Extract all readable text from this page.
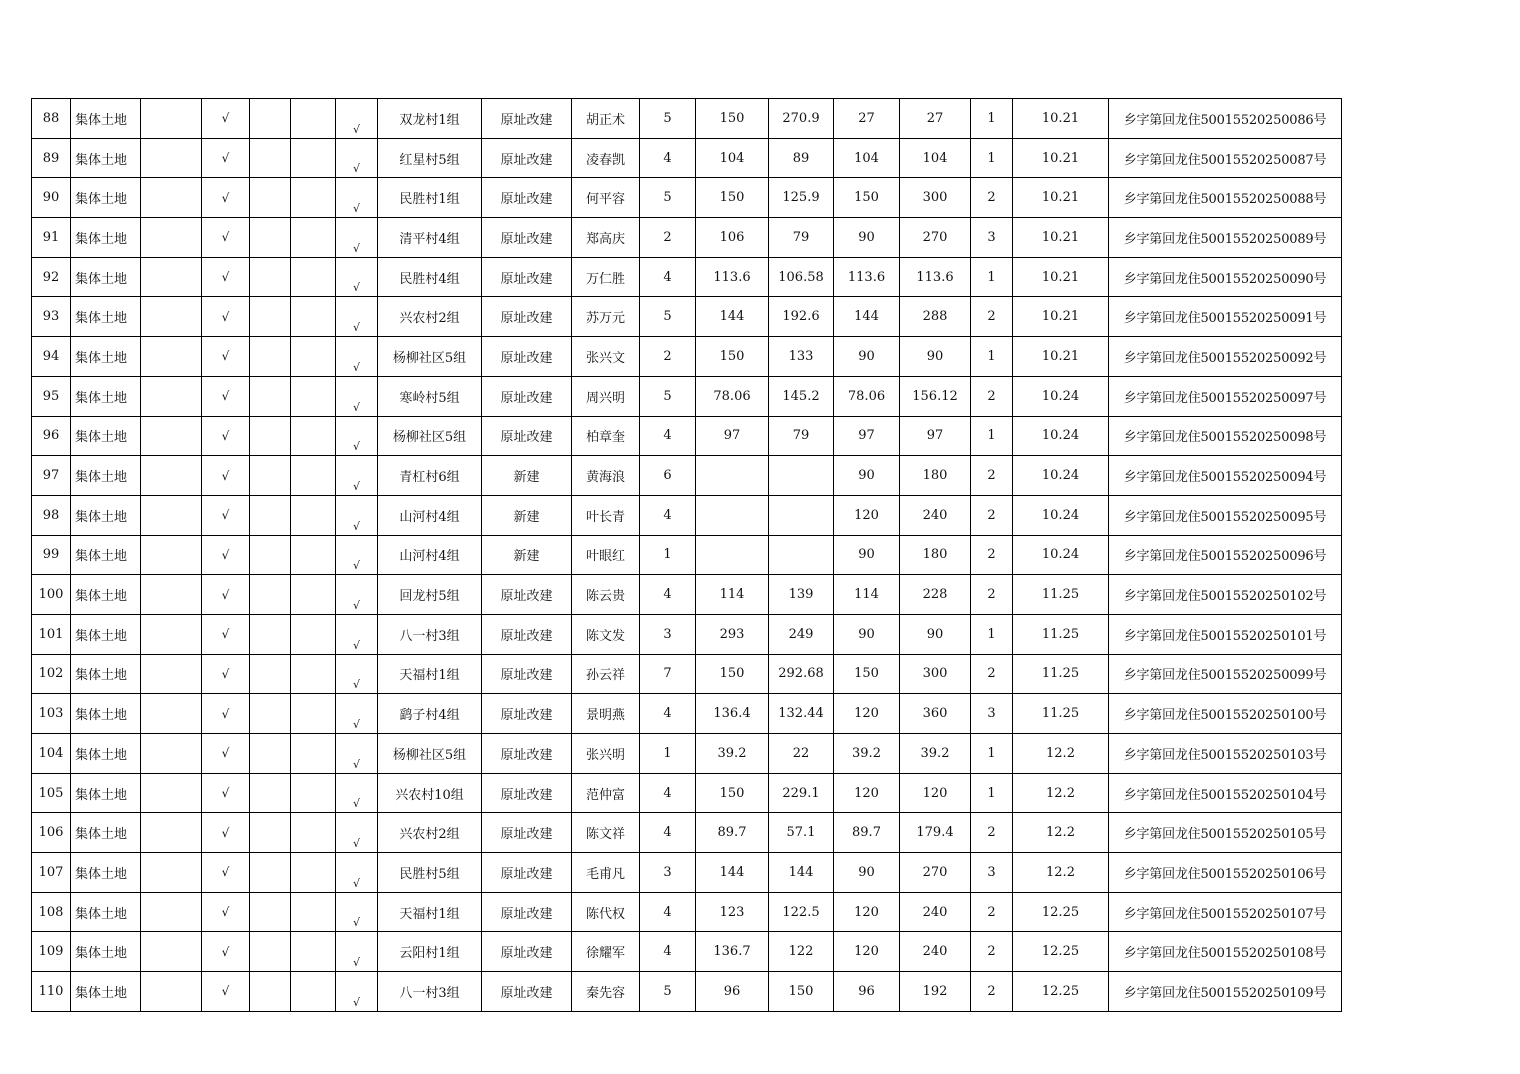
88	集体土地		√			√	双龙村1组	原址改建	胡正术	5	150	270.9	27	27	1	10.21	乡字第回龙住50015520250086号
89	集体土地		√			√	红星村5组	原址改建	凌春凯	4	104	89	104	104	1	10.21	乡字第回龙住50015520250087号
90	集体土地		√			√	民胜村1组	原址改建	何平容	5	150	125.9	150	300	2	10.21	乡字第回龙住50015520250088号
91	集体土地		√			√	清平村4组	原址改建	郑高庆	2	106	79	90	270	3	10.21	乡字第回龙住50015520250089号
92	集体土地		√			√	民胜村4组	原址改建	万仁胜	4	113.6	106.58	113.6	113.6	1	10.21	乡字第回龙住50015520250090号
93	集体土地		√			√	兴农村2组	原址改建	苏万元	5	144	192.6	144	288	2	10.21	乡字第回龙住50015520250091号
94	集体土地		√			√	杨柳社区5组	原址改建	张兴文	2	150	133	90	90	1	10.21	乡字第回龙住50015520250092号
95	集体土地		√			√	寒岭村5组	原址改建	周兴明	5	78.06	145.2	78.06	156.12	2	10.24	乡字第回龙住50015520250097号
96	集体土地		√			√	杨柳社区5组	原址改建	柏章奎	4	97	79	97	97	1	10.24	乡字第回龙住50015520250098号
97	集体土地		√			√	青杠村6组	新建	黄海浪	6			90	180	2	10.24	乡字第回龙住50015520250094号
98	集体土地		√			√	山河村4组	新建	叶长青	4			120	240	2	10.24	乡字第回龙住50015520250095号
99	集体土地		√			√	山河村4组	新建	叶眼红	1			90	180	2	10.24	乡字第回龙住50015520250096号
100	集体土地		√			√	回龙村5组	原址改建	陈云贵	4	114	139	114	228	2	11.25	乡字第回龙住50015520250102号
101	集体土地		√			√	八一村3组	原址改建	陈文发	3	293	249	90	90	1	11.25	乡字第回龙住50015520250101号
102	集体土地		√			√	天福村1组	原址改建	孙云祥	7	150	292.68	150	300	2	11.25	乡字第回龙住50015520250099号
103	集体土地		√			√	鹞子村4组	原址改建	景明燕	4	136.4	132.44	120	360	3	11.25	乡字第回龙住50015520250100号
104	集体土地		√			√	杨柳社区5组	原址改建	张兴明	1	39.2	22	39.2	39.2	1	12.2	乡字第回龙住50015520250103号
105	集体土地		√			√	兴农村10组	原址改建	范仲富	4	150	229.1	120	120	1	12.2	乡字第回龙住50015520250104号
106	集体土地		√			√	兴农村2组	原址改建	陈文祥	4	89.7	57.1	89.7	179.4	2	12.2	乡字第回龙住50015520250105号
107	集体土地		√			√	民胜村5组	原址改建	毛甫凡	3	144	144	90	270	3	12.2	乡字第回龙住50015520250106号
108	集体土地		√			√	天福村1组	原址改建	陈代权	4	123	122.5	120	240	2	12.25	乡字第回龙住50015520250107号
109	集体土地		√			√	云阳村1组	原址改建	徐耀军	4	136.7	122	120	240	2	12.25	乡字第回龙住50015520250108号
110	集体土地		√			√	八一村3组	原址改建	秦先容	5	96	150	96	192	2	12.25	乡字第回龙住50015520250109号
